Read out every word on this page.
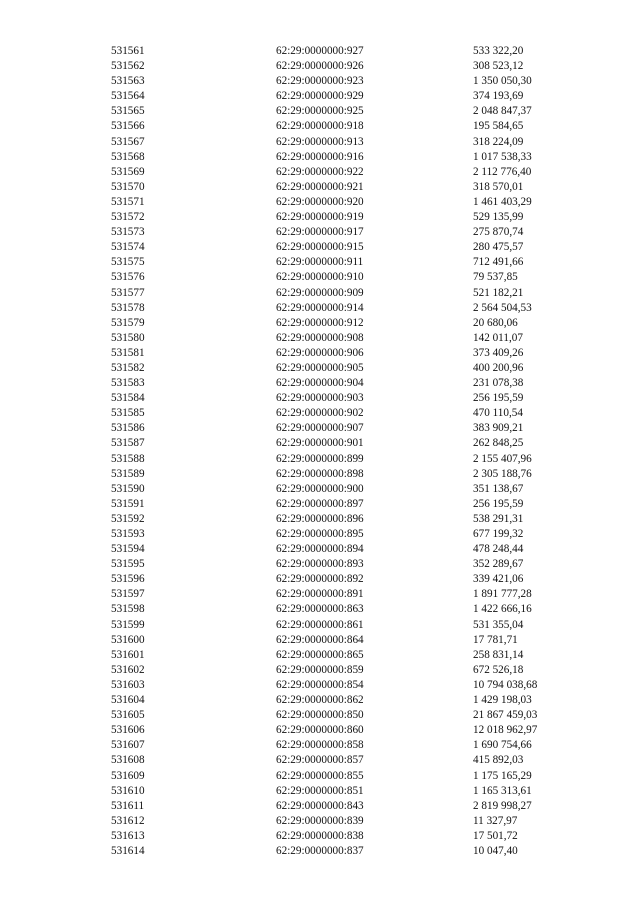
531561	62:29:0000000:927	533 322,20
531562	62:29:0000000:926	308 523,12
531563	62:29:0000000:923	1 350 050,30
531564	62:29:0000000:929	374 193,69
531565	62:29:0000000:925	2 048 847,37
531566	62:29:0000000:918	195 584,65
531567	62:29:0000000:913	318 224,09
531568	62:29:0000000:916	1 017 538,33
531569	62:29:0000000:922	2 112 776,40
531570	62:29:0000000:921	318 570,01
531571	62:29:0000000:920	1 461 403,29
531572	62:29:0000000:919	529 135,99
531573	62:29:0000000:917	275 870,74
531574	62:29:0000000:915	280 475,57
531575	62:29:0000000:911	712 491,66
531576	62:29:0000000:910	79 537,85
531577	62:29:0000000:909	521 182,21
531578	62:29:0000000:914	2 564 504,53
531579	62:29:0000000:912	20 680,06
531580	62:29:0000000:908	142 011,07
531581	62:29:0000000:906	373 409,26
531582	62:29:0000000:905	400 200,96
531583	62:29:0000000:904	231 078,38
531584	62:29:0000000:903	256 195,59
531585	62:29:0000000:902	470 110,54
531586	62:29:0000000:907	383 909,21
531587	62:29:0000000:901	262 848,25
531588	62:29:0000000:899	2 155 407,96
531589	62:29:0000000:898	2 305 188,76
531590	62:29:0000000:900	351 138,67
531591	62:29:0000000:897	256 195,59
531592	62:29:0000000:896	538 291,31
531593	62:29:0000000:895	677 199,32
531594	62:29:0000000:894	478 248,44
531595	62:29:0000000:893	352 289,67
531596	62:29:0000000:892	339 421,06
531597	62:29:0000000:891	1 891 777,28
531598	62:29:0000000:863	1 422 666,16
531599	62:29:0000000:861	531 355,04
531600	62:29:0000000:864	17 781,71
531601	62:29:0000000:865	258 831,14
531602	62:29:0000000:859	672 526,18
531603	62:29:0000000:854	10 794 038,68
531604	62:29:0000000:862	1 429 198,03
531605	62:29:0000000:850	21 867 459,03
531606	62:29:0000000:860	12 018 962,97
531607	62:29:0000000:858	1 690 754,66
531608	62:29:0000000:857	415 892,03
531609	62:29:0000000:855	1 175 165,29
531610	62:29:0000000:851	1 165 313,61
531611	62:29:0000000:843	2 819 998,27
531612	62:29:0000000:839	11 327,97
531613	62:29:0000000:838	17 501,72
531614	62:29:0000000:837	10 047,40
